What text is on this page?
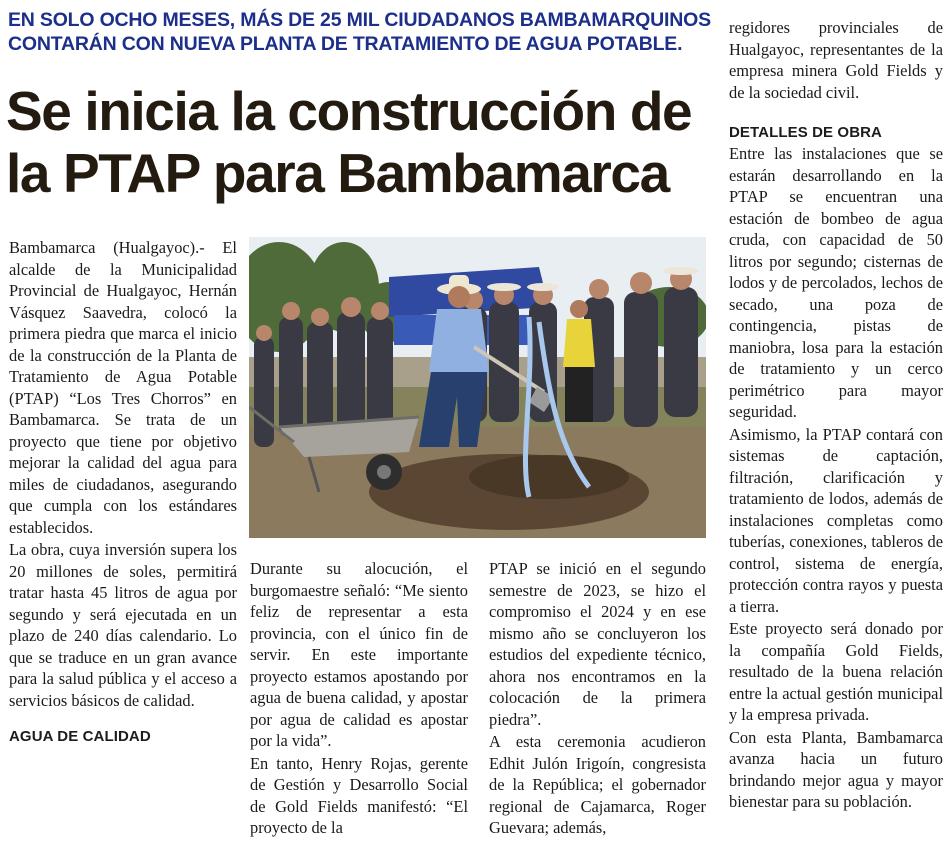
EN SOLO OCHO MESES, MÁS DE 25 MIL CIUDADANOS BAMBAMARQUINOS
CONTARÁN CON NUEVA PLANTA DE TRATAMIENTO DE AGUA POTABLE.
Se inicia la construcción de
la PTAP para Bambamarca

Bambamarca (Hualgayoc).- El alcalde de la Municipalidad Provincial de Hualgayoc, Hernán Vásquez Saavedra, colocó la primera piedra que marca el inicio de la construcción de la Planta de Tratamiento de Agua Potable (PTAP) “Los Tres Chorros” en Bambamarca. Se trata de un proyecto que tiene por objetivo mejorar la calidad del agua para miles de ciudadanos, asegurando que cumpla con los estándares establecidos.

La obra, cuya inversión supera los 20 millones de soles, permitirá tratar hasta 45 litros de agua por segundo y será ejecutada en un plazo de 240 días calendario. Lo que se traduce en un gran avance para la salud pública y el acceso a servicios básicos de calidad.

AGUA DE CALIDAD

Durante su alocución, el burgomaestre señaló: “Me siento feliz de representar a esta provincia, con el único fin de servir. En este importante proyecto estamos apostando por agua de buena calidad, y apostar por agua de calidad es apostar por la vida”.

En tanto, Henry Rojas, gerente de Gestión y Desarrollo Social de Gold Fields manifestó: “El proyecto de la

PTAP se inició en el segundo semestre de 2023, se hizo el compromiso el 2024 y en ese mismo año se concluyeron los estudios del expediente técnico, ahora nos encontramos en la colocación de la primera piedra”.

A esta ceremonia acudieron Edhit Julón Irigoín, congresista de la República; el gobernador regional de Cajamarca, Roger Guevara; además,

regidores provinciales de Hualgayoc, representantes de la empresa minera Gold Fields y de la sociedad civil.

DETALLES DE OBRA

Entre las instalaciones que se estarán desarrollando en la PTAP se encuentran una estación de bombeo de agua cruda, con capacidad de 50 litros por segundo; cisternas de lodos y de percolados, lechos de secado, una poza de contingencia, pistas de maniobra, losa para la estación de tratamiento y un cerco perimétrico para mayor seguridad.

Asimismo, la PTAP contará con sistemas de captación, filtración, clarificación y tratamiento de lodos, además de instalaciones completas como tuberías, conexiones, tableros de control, sistema de energía, protección contra rayos y puesta a tierra.

Este proyecto será donado por la compañía Gold Fields, resultado de la buena relación entre la actual gestión municipal y la empresa privada.

Con esta Planta, Bambamarca avanza hacia un futuro brindando mejor agua y mayor bienestar para su población.
